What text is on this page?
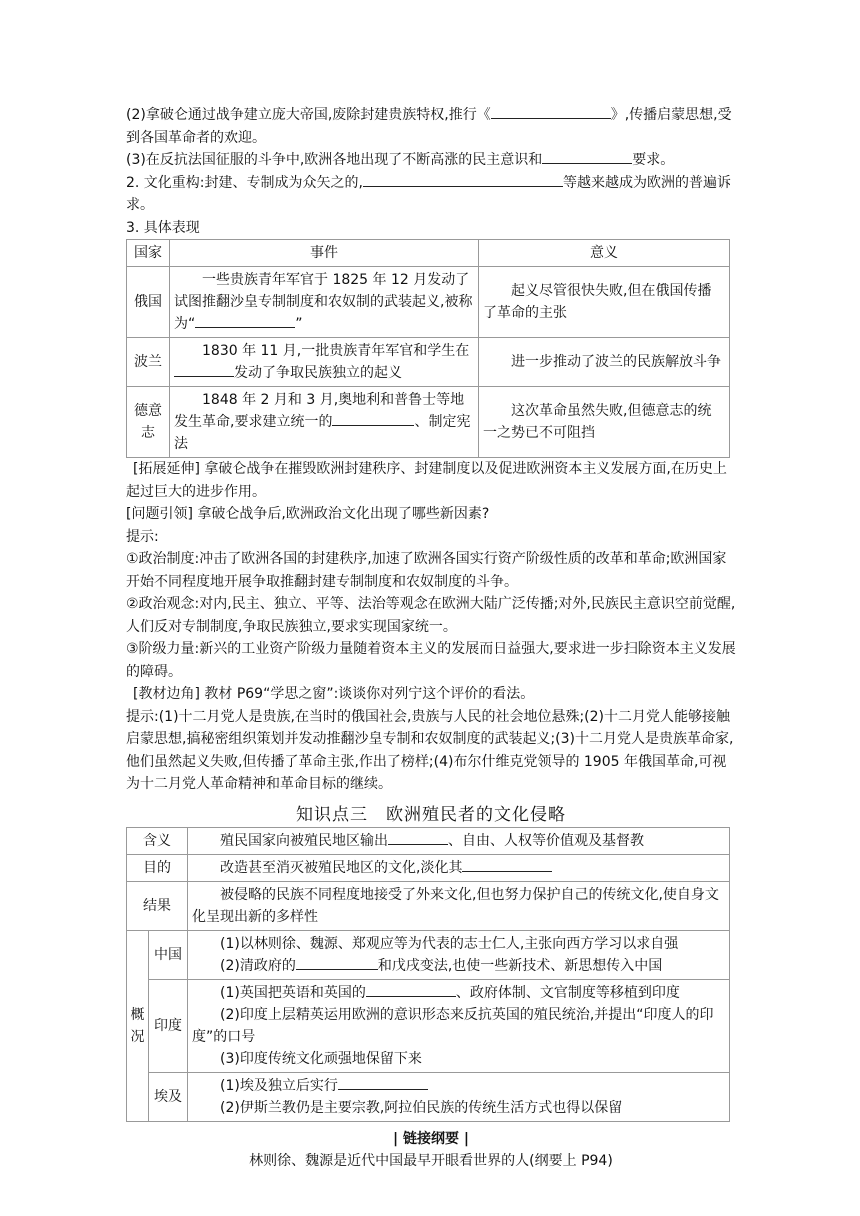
(2)拿破仑通过战争建立庞大帝国,废除封建贵族特权,推行《	》,传播启蒙思想,受到各国革命者的欢迎。

(3)在反抗法国征服的斗争中,欧洲各地出现了不断高涨的民主意识和	要求。

2. 文化重构:封建、专制成为众矢之的,	等越来越成为欧洲的普遍诉求。

3. 具体表现

国家	事件	意义
俄国	一些贵族青年军官于 1825 年 12 月发动了试图推翻沙皇专制制度和农奴制的武装起义,被称为“ ”	起义尽管很快失败,但在俄国传播了革命的主张
波兰	1830 年 11 月,一批贵族青年军官和学生在发动了争取民族独立的起义	进一步推动了波兰的民族解放斗争
德意志	1848 年 2 月和 3 月,奥地利和普鲁士等地发生革命,要求建立统一的 、制定宪法	这次革命虽然失败,但德意志的统一之势已不可阻挡

[拓展延伸] 拿破仑战争在摧毁欧洲封建秩序、封建制度以及促进欧洲资本主义发展方面,在历史上起过巨大的进步作用。

[问题引领] 拿破仑战争后,欧洲政治文化出现了哪些新因素?

提示:

①政治制度:冲击了欧洲各国的封建秩序,加速了欧洲各国实行资产阶级性质的改革和革命;欧洲国家开始不同程度地开展争取推翻封建专制制度和农奴制度的斗争。

②政治观念:对内,民主、独立、平等、法治等观念在欧洲大陆广泛传播;对外,民族民主意识空前觉醒,人们反对专制制度,争取民族独立,要求实现国家统一。

③阶级力量:新兴的工业资产阶级力量随着资本主义的发展而日益强大,要求进一步扫除资本主义发展的障碍。

[教材边角] 教材 P69“学思之窗”:谈谈你对列宁这个评价的看法。

提示:(1)十二月党人是贵族,在当时的俄国社会,贵族与人民的社会地位悬殊;(2)十二月党人能够接触启蒙思想,搞秘密组织策划并发动推翻沙皇专制和农奴制度的武装起义;(3)十二月党人是贵族革命家,他们虽然起义失败,但传播了革命主张,作出了榜样;(4)布尔什维克党领导的 1905 年俄国革命,可视为十二月党人革命精神和革命目标的继续。

知识点三　欧洲殖民者的文化侵略
含义		殖民国家向被殖民地区输出 、自由、人权等价值观及基督教
目的		改造甚至消灭被殖民地区的文化,淡化其
结果		被侵略的民族不同程度地接受了外来文化,但也努力保护自己的传统文化,使自身文化呈现出新的多样性
概况	中国	(1)以林则徐、魏源、郑观应等为代表的志士仁人,主张向西方学习以求自强
(2)清政府的 和戊戌变法,也使一些新技术、新思想传入中国

	印度	(1)英国把英语和英国的 、政府体制、文官制度等移植到印度
(2)印度上层精英运用欧洲的意识形态来反抗英国的殖民统治,并提出“印度人的印度”的口号
(3)印度传统文化顽强地保留下来

	埃及	(1)埃及独立后实行
(2)伊斯兰教仍是主要宗教,阿拉伯民族的传统生活方式也得以保留

| 链接纲要 |

林则徐、魏源是近代中国最早开眼看世界的人(纲要上 P94)
